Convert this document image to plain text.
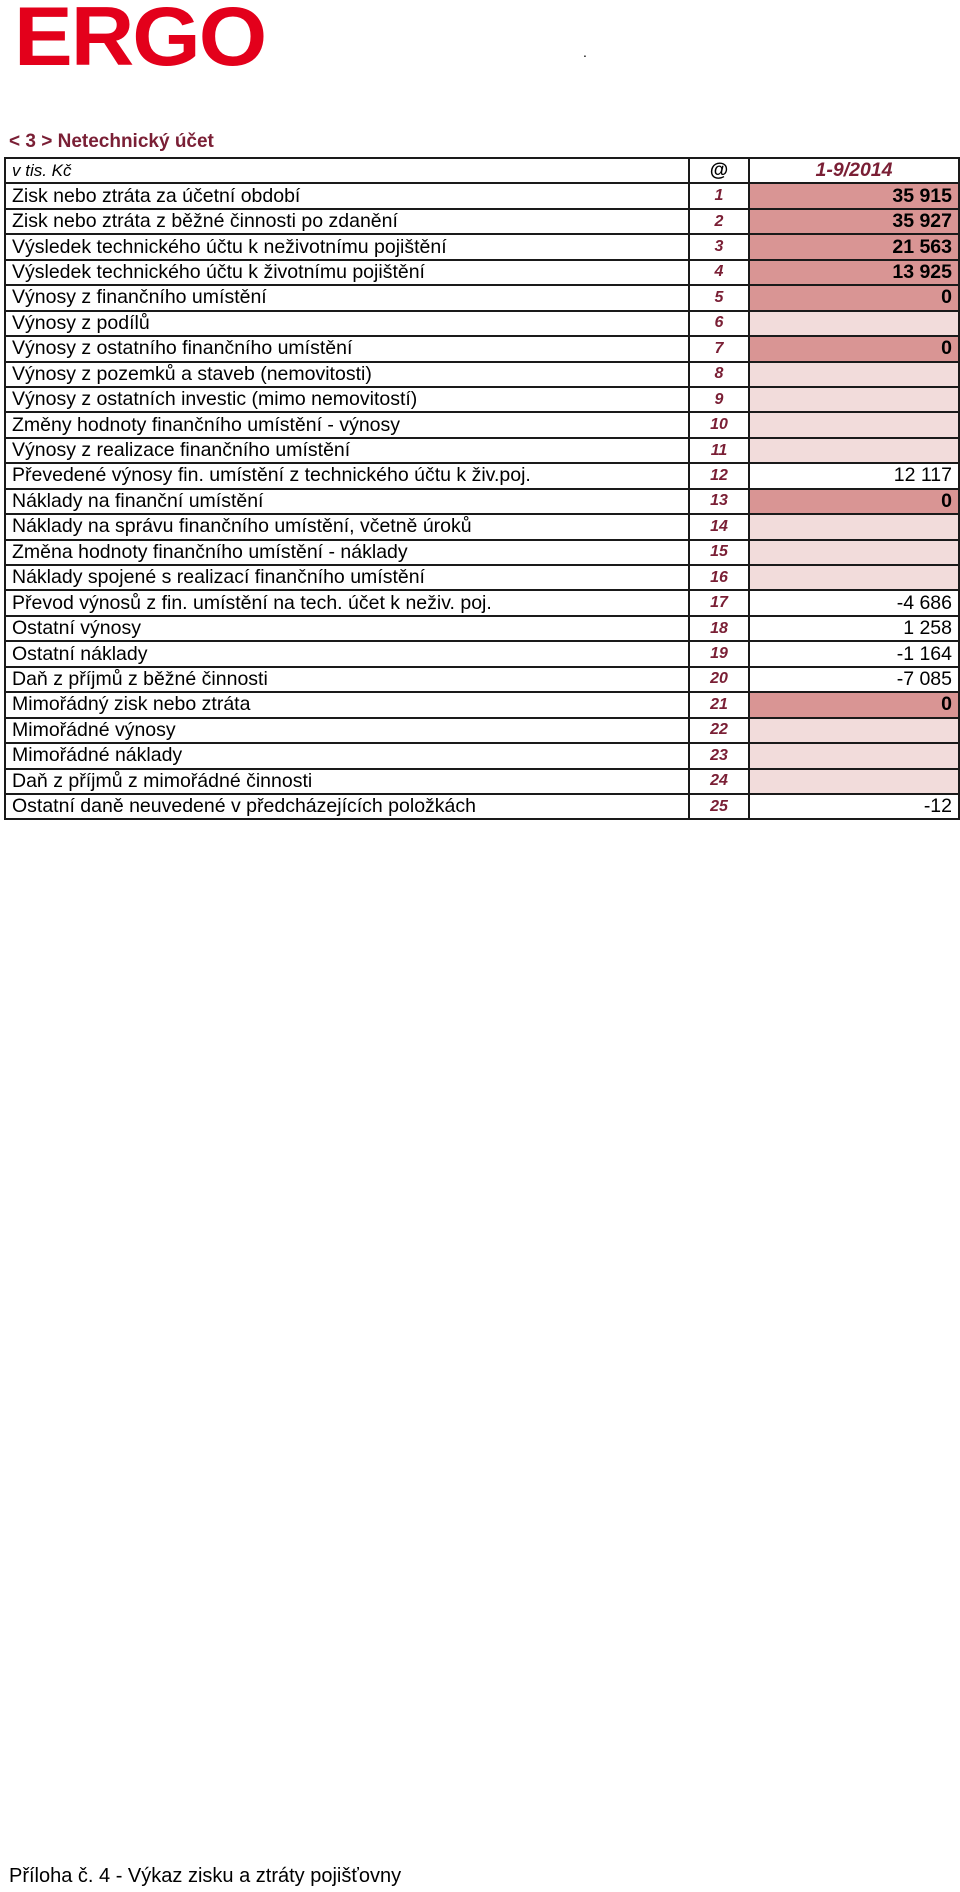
ERGO	.
< 3 > Netechnický účet
v tis. Kč	@	1-9/2014
Zisk nebo ztráta za účetní období	1	35 915
Zisk nebo ztráta z běžné činnosti po zdanění	2	35 927
Výsledek technického účtu k neživotnímu pojištění	3	21 563
Výsledek technického účtu k životnímu pojištění	4	13 925
Výnosy z finančního umístění	5	0
Výnosy z podílů	6	
Výnosy z ostatního finančního umístění	7	0
Výnosy z pozemků a staveb (nemovitosti)	8	
Výnosy z ostatních investic (mimo nemovitostí)	9	
Změny hodnoty finančního umístění - výnosy	10	
Výnosy z realizace finančního umístění	11	
Převedené výnosy fin. umístění z technického účtu k živ.poj.	12	12 117
Náklady na finanční umístění	13	0
Náklady na správu finančního umístění, včetně úroků	14	
Změna hodnoty finančního umístění - náklady	15	
Náklady spojené s realizací finančního umístění	16	
Převod výnosů z fin. umístění na tech. účet k neživ. poj.	17	-4 686
Ostatní výnosy	18	1 258
Ostatní náklady	19	-1 164
Daň z příjmů z běžné činnosti	20	-7 085
Mimořádný zisk nebo ztráta	21	0
Mimořádné výnosy	22	
Mimořádné náklady	23	
Daň z příjmů z mimořádné činnosti	24	
Ostatní daně neuvedené v předcházejících položkách	25	-12
Příloha č. 4 - Výkaz zisku a ztráty pojišťovny
